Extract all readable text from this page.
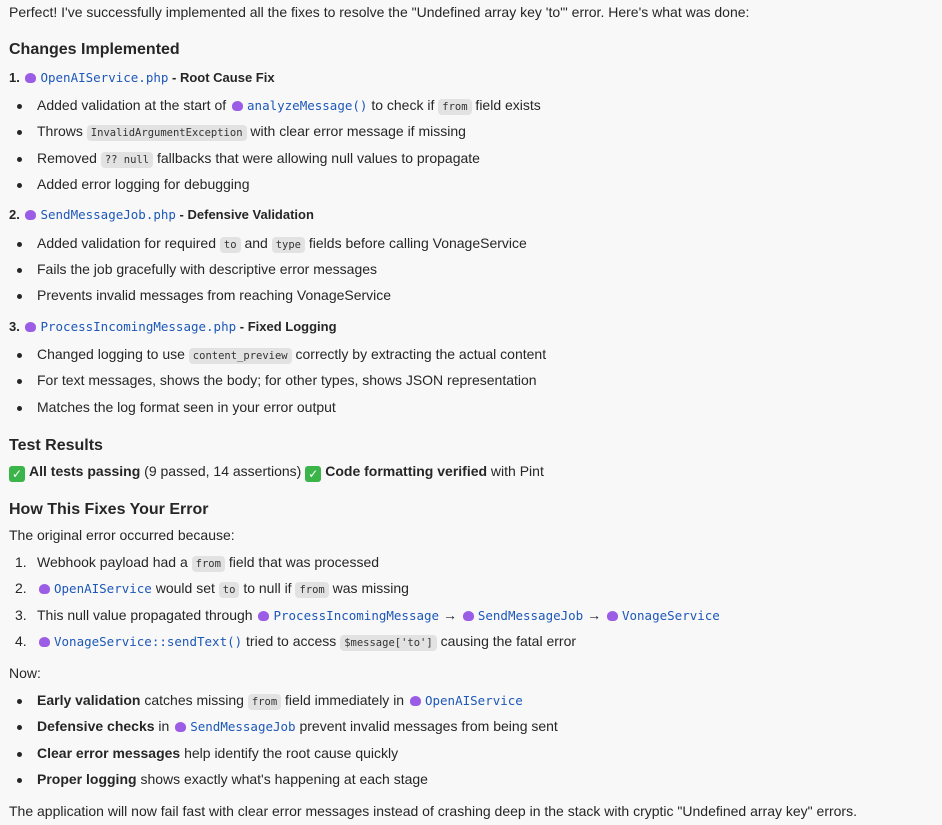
Perfect! I've successfully implemented all the fixes to resolve the "Undefined array key 'to'" error. Here's what was done:

Changes Implemented
Test Results

✓ All tests passing (9 passed, 14 assertions) ✓ Code formatting verified with Pint

How This Fixes Your Error

The original error occurred because:

Now:

The application will now fail fast with clear error messages instead of crashing deep in the stack with cryptic "Undefined array key" errors.

1. OpenAIService.php - Root Cause Fix
Added validation at the start of analyzeMessage() to check if from field exists
Throws InvalidArgumentException with clear error message if missing
Removed ?? null fallbacks that were allowing null values to propagate
Added error logging for debugging
2. SendMessageJob.php - Defensive Validation
Added validation for required to and type fields before calling VonageService
Fails the job gracefully with descriptive error messages
Prevents invalid messages from reaching VonageService
3. ProcessIncomingMessage.php - Fixed Logging
Changed logging to use content_preview correctly by extracting the actual content
For text messages, shows the body; for other types, shows JSON representation
Matches the log format seen in your error output
1. Webhook payload had a from field that was processed
2.	OpenAIService would set to to null if from was missing
3. This null value propagated through ProcessIncomingMessage → SendMessageJob → VonageService
4.	VonageService::sendText() tried to access $message['to'] causing the fatal error
Early validation catches missing from field immediately in OpenAIService
Defensive checks in SendMessageJob prevent invalid messages from being sent
Clear error messages help identify the root cause quickly
Proper logging shows exactly what's happening at each stage
